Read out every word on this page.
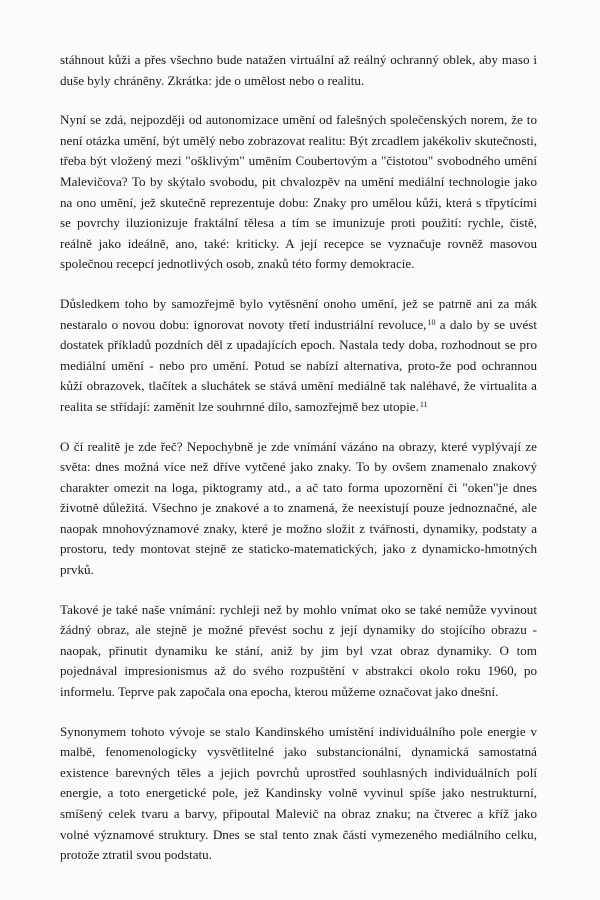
stáhnout kůži a přes všechno bude natažen virtuální až reálný ochranný oblek, aby maso i duše byly chráněny. Zkrátka: jde o umělost nebo o realitu.

Nyní se zdá, nejpozději od autonomizace umění od falešných společenských norem, že to není otázka umění, být umělý nebo zobrazovat realitu: Být zrcadlem jakékoliv skutečnosti, třeba být vložený mezi "ošklivým" uměním Coubertovým a "čistotou" svobodného umění Malevičova? To by skýtalo svobodu, pit chvalozpěv na umění mediální technologie jako na ono umění, jež skutečně reprezentuje dobu: Znaky pro umělou kůži, která s třpytícími se povrchy iluzionizuje fraktální tělesa a tím se imunizuje proti použití: rychle, čistě, reálně jako ideálně, ano, také: kriticky. A její recepce se vyznačuje rovněž masovou společnou recepcí jednotlivých osob, znaků této formy demokracie.

Důsledkem toho by samozřejmě bylo vytěsnění onoho umění, jež se patrně ani za mák nestaralo o novou dobu: ignorovat novoty třetí industriální revoluce,$^{10}$ a dalo by se uvést dostatek příkladů pozdních děl z upadajících epoch. Nastala tedy doba, rozhodnout se pro mediální umění - nebo pro umění. Potud se nabízí alternativa, proto-že pod ochrannou kůží obrazovek, tlačítek a sluchátek se stává umění mediálně tak naléhavé, že virtualita a realita se střídají: zaměnit lze souhrnné dílo, samozřejmě bez utopie.$^{11}$

O čí realitě je zde řeč? Nepochybně je zde vnímání vázáno na obrazy, které vyplývají ze světa: dnes možná více než dříve vytčené jako znaky. To by ovšem znamenalo znakový charakter omezit na loga, piktogramy atd., a ač tato forma upozornění či "oken"je dnes životně důležitá. Všechno je znakové a to znamená, že neexistují pouze jednoznačné, ale naopak mnohovýznamové znaky, které je možno složit z tvářnosti, dynamiky, podstaty a prostoru, tedy montovat stejně ze staticko-matematických, jako z dynamicko-hmotných prvků.

Takové je také naše vnímání: rychleji než by mohlo vnímat oko se také nemůže vyvinout žádný obraz, ale stejně je možné převést sochu z její dynamiky do stojícího obrazu - naopak, přinutit dynamiku ke stání, aniž by jim byl vzat obraz dynamiky. O tom pojednával impresionismus až do svého rozpuštění v abstrakci okolo roku 1960, po informelu. Teprve pak započala ona epocha, kterou můžeme označovat jako dnešní.

Synonymem tohoto vývoje se stalo Kandinského umístění individuálního pole energie v malbě, fenomenologicky vysvětlitelné jako substancionální, dynamická samostatná existence barevných těles a jejich povrchů uprostřed souhlasných individuálních polí energie, a toto energetické pole, jež Kandinsky volně vyvinul spíše jako nestrukturní, smíšený celek tvaru a barvy, připoutal Malevič na obraz znaku; na čtverec a kříž jako volné významové struktury. Dnes se stal tento znak částí vymezeného mediálního celku, protože ztratil svou podstatu.
